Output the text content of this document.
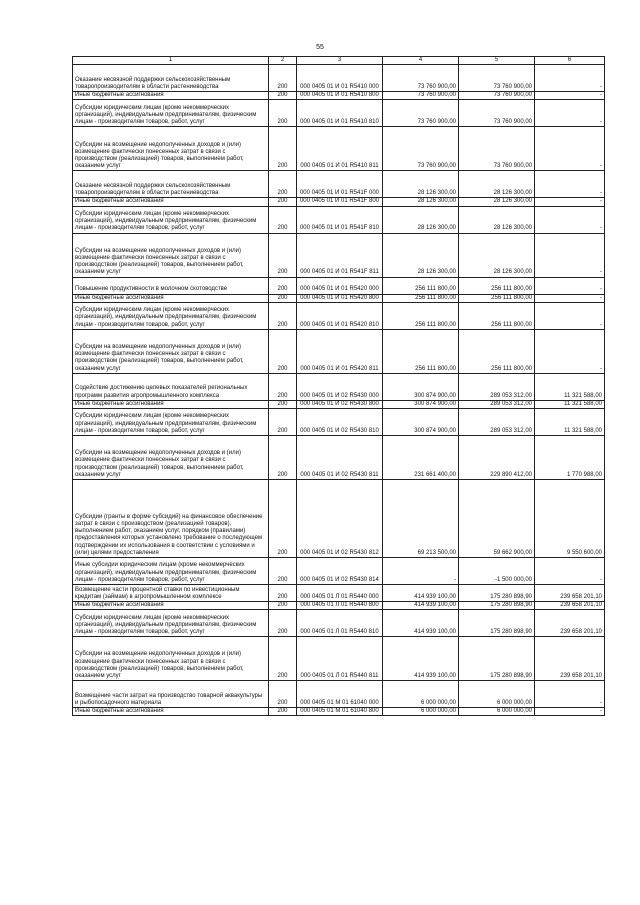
55
1	2	3	4	5	6
Оказание несвязной поддержки сельскохозяйственным товаропроизводителям в области растениеводства	200	000 0405 01 И 01 R5410 000	73 760 900,00	73 760 900,00	-
Иные бюджетные ассигнования	200	000 0405 01 И 01 R5410 800	73 760 900,00	73 760 900,00	-
Субсидии юридическим лицам (кроме некоммерческих организаций), индивидуальным предпринимателям, физическим лицам - производителям товаров, работ, услуг	200	000 0405 01 И 01 R5410 810	73 760 900,00	73 760 900,00	-
Субсидии на возмещение недополученных доходов и (или) возмещение фактически понесенных затрат в связи с производством (реализацией) товаров, выполнением работ, оказанием услуг	200	000 0405 01 И 01 R5410 811	73 760 900,00	73 760 900,00	-
Оказание несвязной поддержки сельскохозяйственным товаропроизводителям в области растениеводства	200	000 0405 01 И 01 R541F 000	28 126 300,00	28 126 300,00	-
Иные бюджетные ассигнования	200	000 0405 01 И 01 R541F 800	28 126 300,00	28 126 300,00	-
Субсидии юридическим лицам (кроме некоммерческих организаций), индивидуальным предпринимателям, физическим лицам - производителям товаров, работ, услуг	200	000 0405 01 И 01 R541F 810	28 126 300,00	28 126 300,00	-
Субсидии на возмещение недополученных доходов и (или) возмещение фактически понесенных затрат в связи с производством (реализацией) товаров, выполнением работ, оказанием услуг	200	000 0405 01 И 01 R541F 811	28 126 300,00	28 126 300,00	-
Повышение продуктивности в молочном скотоводстве	200	000 0405 01 И 01 R5420 000	256 111 800,00	256 111 800,00	-
Иные бюджетные ассигнования	200	000 0405 01 И 01 R5420 800	256 111 800,00	256 111 800,00	-
Субсидии юридическим лицам (кроме некоммерческих организаций), индивидуальным предпринимателям, физическим лицам - производителям товаров, работ, услуг	200	000 0405 01 И 01 R5420 810	256 111 800,00	256 111 800,00	-
Субсидии на возмещение недополученных доходов и (или) возмещение фактически понесенных затрат в связи с производством (реализацией) товаров, выполнением работ, оказанием услуг	200	000 0405 01 И 01 R5420 811	256 111 800,00	256 111 800,00	-
Содействие достижению целевых показателей региональных программ развития агропромышленного комплекса	200	000 0405 01 И 02 R5430 000	300 874 900,00	289 053 312,00	11 321 588,00
Иные бюджетные ассигнования	200	000 0405 01 И 02 R5430 800	300 874 900,00	289 053 312,00	11 321 588,00
Субсидии юридическим лицам (кроме некоммерческих организаций), индивидуальным предпринимателям, физическим лицам - производителям товаров, работ, услуг	200	000 0405 01 И 02 R5430 810	300 874 900,00	289 053 312,00	11 321 588,00
Субсидии на возмещение недополученных доходов и (или) возмещение фактически понесенных затрат в связи с производством (реализацией) товаров, выполнением работ, оказанием услуг	200	000 0405 01 И 02 R5430 811	231 661 400,00	229 890 412,00	1 770 988,00
Субсидии (гранты в форме субсидий) на финансовое обеспечение затрат в связи с производством (реализацией товаров), выполнением работ, оказанием услуг, порядком (правилами) предоставления которых установлено требование о последующем подтверждении их использования в соответствии с условиями и (или) целями предоставления	200	000 0405 01 И 02 R5430 812	69 213 500,00	59 662 900,00	9 550 600,00
Иные субсидии юридическим лицам (кроме некоммерческих организаций), индивидуальным предпринимателям, физическим лицам - производителям товаров, работ, услуг	200	000 0405 01 И 02 R5430 814	-	-1 500 000,00	-
Возмещение части процентной ставки по инвестиционным кредитам (займам) в агропромышленном комплексе	200	000 0405 01 Л 01 R5440 000	414 939 100,00	175 280 898,90	239 658 201,10
Иные бюджетные ассигнования	200	000 0405 01 Л 01 R5440 800	414 939 100,00	175 280 898,90	239 658 201,10
Субсидии юридическим лицам (кроме некоммерческих организаций), индивидуальным предпринимателям, физическим лицам - производителям товаров, работ, услуг	200	000 0405 01 Л 01 R5440 810	414 939 100,00	175 280 898,90	239 658 201,10
Субсидии на возмещение недополученных доходов и (или) возмещение фактически понесенных затрат в связи с производством (реализацией) товаров, выполнением работ, оказанием услуг	200	000 0405 01 Л 01 R5440 811	414 939 100,00	175 280 898,90	239 658 201,10
Возмещение части затрат на производство товарной аквакультуры и рыбопосадочного материала	200	000 0405 01 М 01 61040 000	6 000 000,00	6 000 000,00	-
Иные бюджетные ассигнования	200	000 0405 01 М 01 61040 800	6 000 000,00	6 000 000,00	-
